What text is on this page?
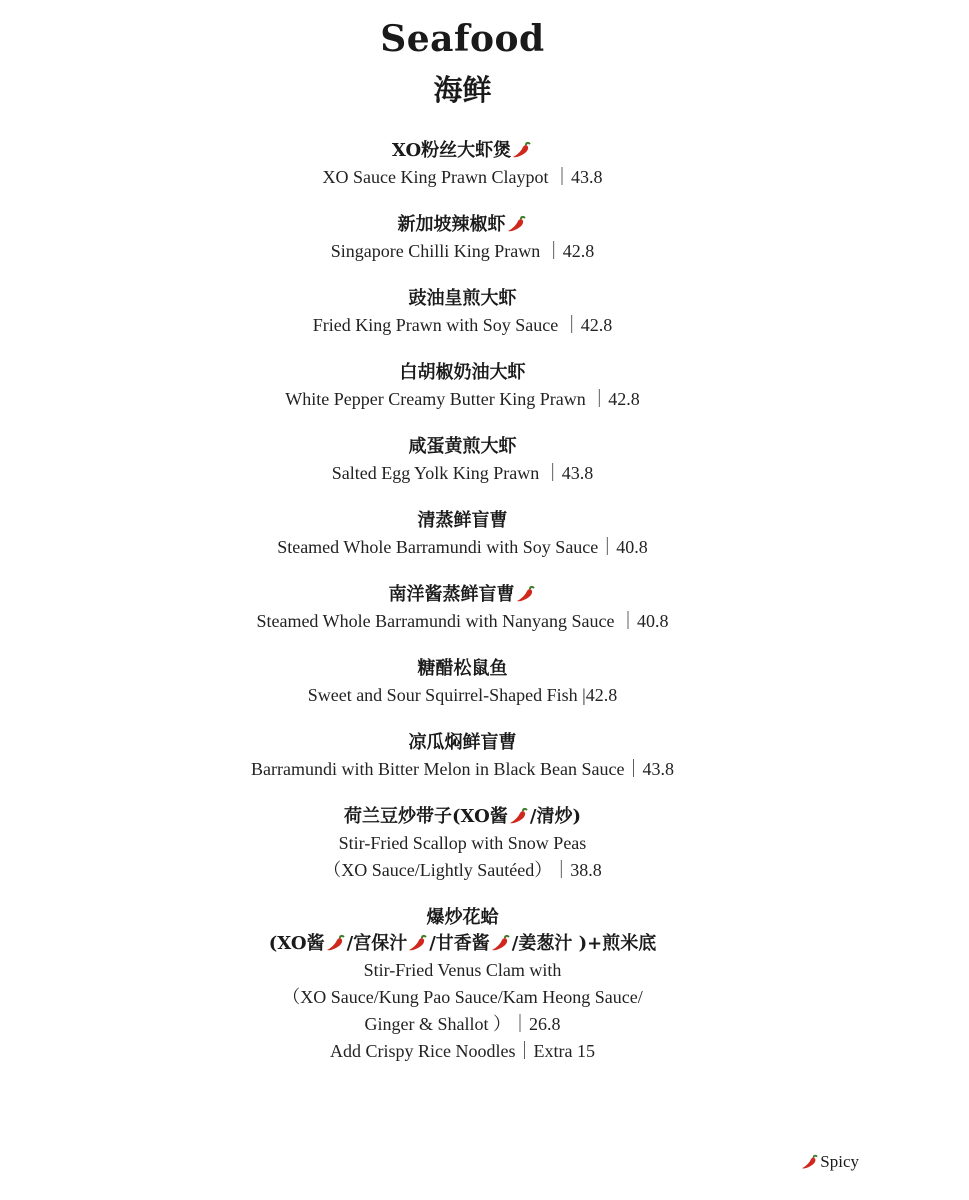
Seafood
海鲜
XO粉丝大虾煲
XO Sauce King Prawn Claypot ｜43.8
新加坡辣椒虾
Singapore Chilli King Prawn ｜42.8
豉油皇煎大虾
Fried King Prawn with Soy Sauce ｜42.8
白胡椒奶油大虾
White Pepper Creamy Butter King Prawn ｜42.8
咸蛋黄煎大虾
Salted Egg Yolk King Prawn ｜43.8
清蒸鲜盲曹
Steamed Whole Barramundi with Soy Sauce｜40.8
南洋酱蒸鲜盲曹
Steamed Whole Barramundi with Nanyang Sauce ｜40.8
糖醋松鼠鱼
Sweet and Sour Squirrel-Shaped Fish |42.8
凉瓜焖鲜盲曹
Barramundi with Bitter Melon in Black Bean Sauce｜43.8
荷兰豆炒带子(XO酱 /清炒)
Stir-Fried Scallop with Snow Peas
（XO Sauce/Lightly Sautéed）｜38.8
爆炒花蛤
(XO酱 /宫保汁 /甘香酱 /姜葱汁 )+煎米底
Stir-Fried Venus Clam with
（XO Sauce/Kung Pao Sauce/Kam Heong Sauce/
Ginger & Shallot ）｜26.8
Add Crispy Rice Noodles｜Extra 15
Spicy
